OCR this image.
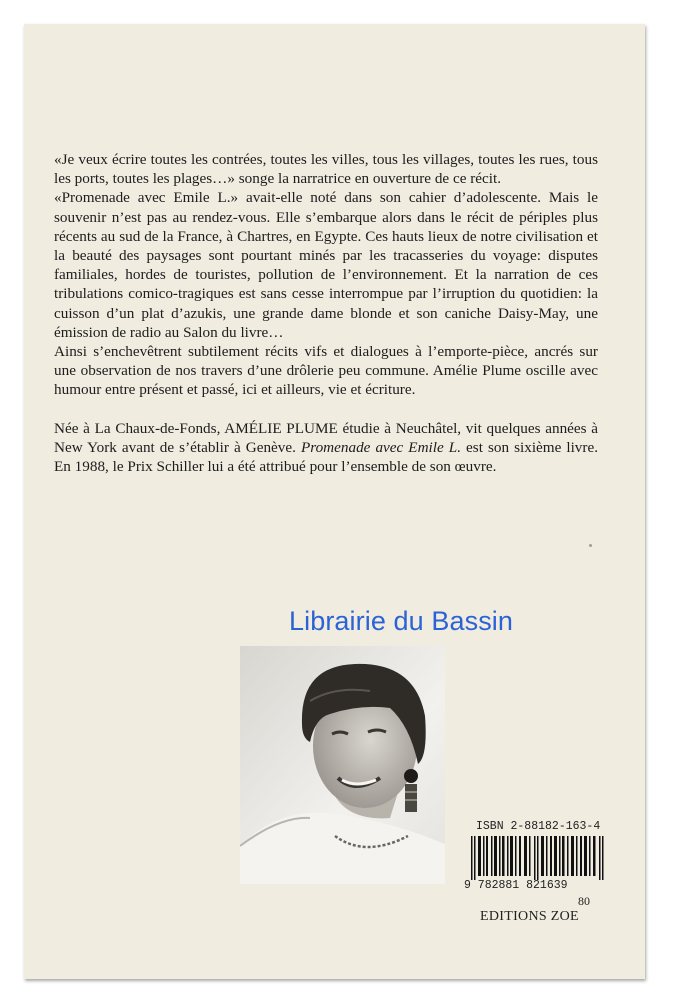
«Je veux écrire toutes les contrées, toutes les villes, tous les villages, toutes les rues, tous les ports, toutes les plages…» songe la narratrice en ouverture de ce récit.

«Promenade avec Emile L.» avait-elle noté dans son cahier d’adolescente. Mais le souvenir n’est pas au rendez-vous. Elle s’embarque alors dans le récit de périples plus récents au sud de la France, à Chartres, en Egypte. Ces hauts lieux de notre civilisation et la beauté des paysages sont pourtant minés par les tracasseries du voyage: disputes familiales, hordes de touristes, pollution de l’environnement. Et la narration de ces tribulations comico-tragiques est sans cesse interrompue par l’irruption du quotidien: la cuisson d’un plat d’azukis, une grande dame blonde et son caniche Daisy-May, une émission de radio au Salon du livre…

Ainsi s’enchevêtrent subtilement récits vifs et dialogues à l’emporte-pièce, ancrés sur une observation de nos travers d’une drôlerie peu commune. Amélie Plume oscille avec humour entre présent et passé, ici et ailleurs, vie et écriture.

Née à La Chaux-de-Fonds, AMÉLIE PLUME étudie à Neuchâtel, vit quelques années à New York avant de s’établir à Genève. Promenade avec Emile L. est son sixième livre. En 1988, le Prix Schiller lui a été attribué pour l’ensemble de son œuvre.

Librairie du Bassin
ISBN 2-88182-163-4
9 782881 821639
80
EDITIONS ZOE
